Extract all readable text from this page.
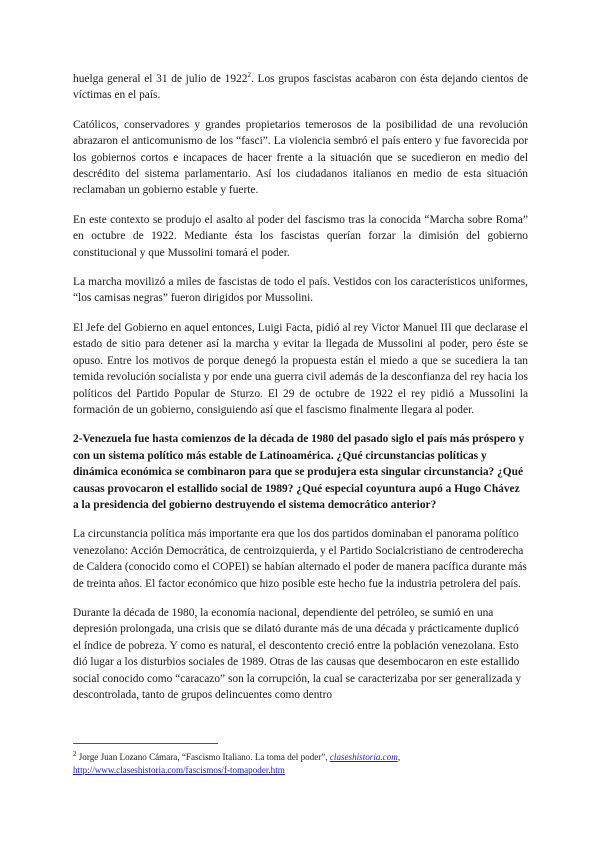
huelga general el 31 de julio de 1922$^2$. Los grupos fascistas acabaron con ésta dejando cientos de víctimas en el país.

Católicos, conservadores y grandes propietarios temerosos de la posibilidad de una revolución abrazaron el anticomunismo de los “fasci”. La violencia sembró el país entero y fue favorecida por los gobiernos cortos e incapaces de hacer frente a la situación que se sucedieron en medio del descrédito del sistema parlamentario. Así los ciudadanos italianos en medio de esta situación reclamaban un gobierno estable y fuerte.

En este contexto se produjo el asalto al poder del fascismo tras la conocida “Marcha sobre Roma” en octubre de 1922. Mediante ésta los fascistas querían forzar la dimisión del gobierno constitucional y que Mussolini tomará el poder.

La marcha movilizó a miles de fascistas de todo el país. Vestidos con los característicos uniformes, “los camisas negras” fueron dirigidos por Mussolini.

El Jefe del Gobierno en aquel entonces, Luigi Facta, pidió al rey Victor Manuel III que declarase el estado de sitio para detener así la marcha y evitar la llegada de Mussolini al poder, pero éste se opuso. Entre los motivos de porque denegó la propuesta están el miedo a que se sucediera la tan temida revolución socialista y por ende una guerra civil además de la desconfianza del rey hacia los políticos del Partido Popular de Sturzo. El 29 de octubre de 1922 el rey pidió a Mussolini la formación de un gobierno, consiguiendo así que el fascismo finalmente llegara al poder.

2-Venezuela fue hasta comienzos de la década de 1980 del pasado siglo el país más próspero y con un sistema político más estable de Latinoamérica. ¿Qué circunstancias políticas y dinámica económica se combinaron para que se produjera esta singular circunstancia? ¿Qué causas provocaron el estallido social de 1989? ¿Qué especial coyuntura aupó a Hugo Chávez a la presidencia del gobierno destruyendo el sistema democrático anterior?

La circunstancia política más importante era que los dos partidos dominaban el panorama político venezolano: Acción Democrática, de centroizquierda, y el Partido Socialcristiano de centroderecha de Caldera (conocido como el COPEI) se habían alternado el poder de manera pacífica durante más de treinta años. El factor económico que hizo posible este hecho fue la industria petrolera del país.

Durante la década de 1980, la economía nacional, dependiente del petróleo, se sumió en una depresión prolongada, una crisis que se dilató durante más de una década y prácticamente duplicó el índice de pobreza. Y como es natural, el descontento creció entre la población venezolana. Esto dió lugar a los disturbios sociales de 1989. Otras de las causas que desembocaron en este estallido social conocido como “caracazo” son la corrupción, la cual se caracterizaba por ser generalizada y descontrolada, tanto de grupos delincuentes como dentro

$^2$ Jorge Juan Lozano Cámara, “Fascismo Italiano. La toma del poder”, claseshistoria.com,
http://www.claseshistoria.com/fascismos/f-tomapoder.htm
